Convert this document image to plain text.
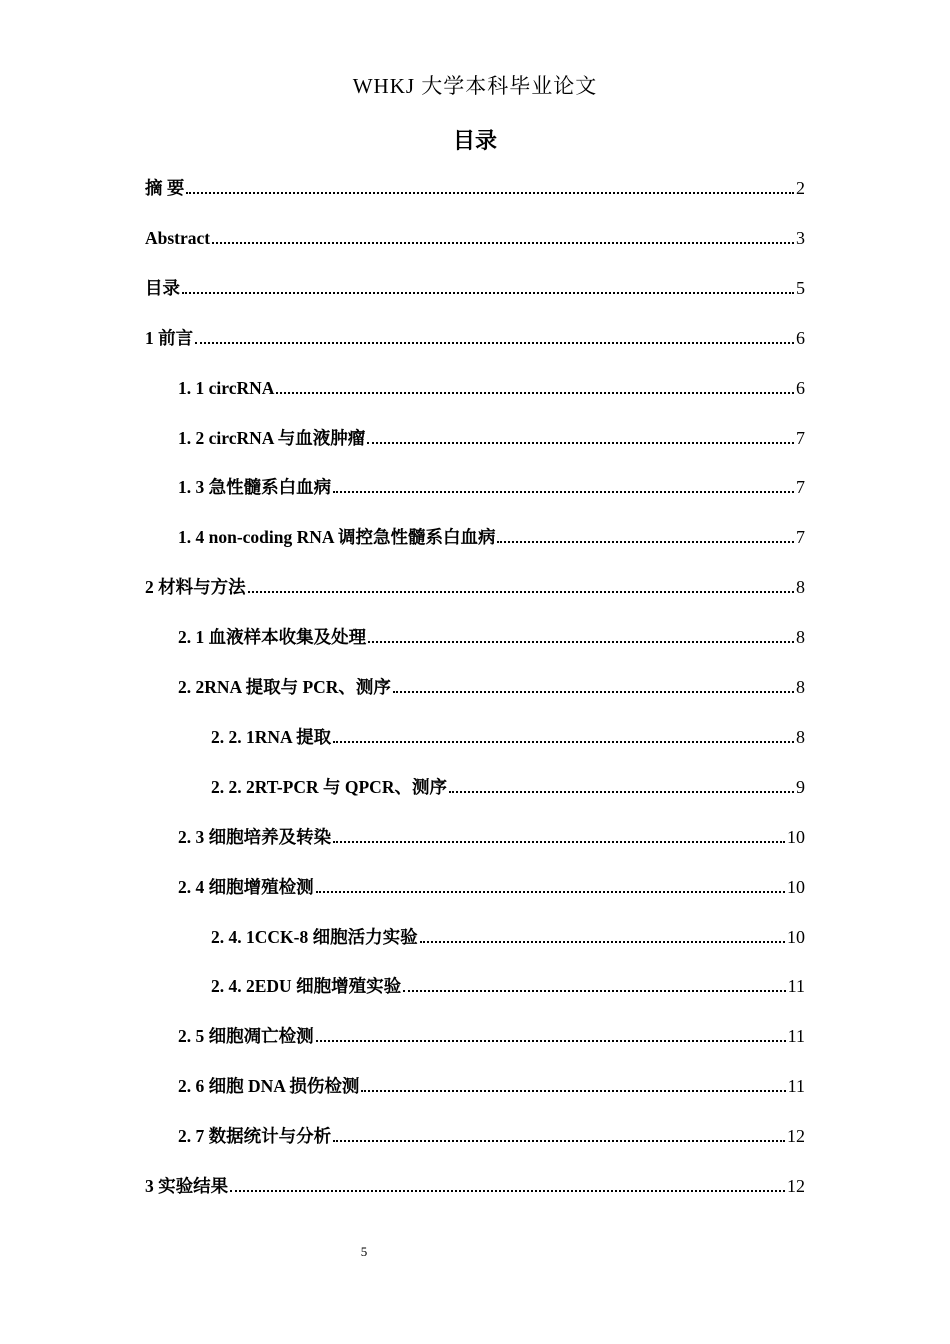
WHKJ 大学本科毕业论文
目录
摘 要	2
Abstract	3
目录	5
1 前言	6
1. 1 circRNA	6
1. 2 circRNA 与血液肿瘤	7
1. 3 急性髓系白血病	7
1. 4 non-coding RNA 调控急性髓系白血病	7
2 材料与方法	8
2. 1 血液样本收集及处理	8
2. 2RNA 提取与 PCR、测序	8
2. 2. 1RNA 提取	8
2. 2. 2RT-PCR 与 QPCR、测序	9
2. 3 细胞培养及转染	10
2. 4 细胞增殖检测	10
2. 4. 1CCK-8 细胞活力实验	10
2. 4. 2EDU 细胞增殖实验	11
2. 5 细胞凋亡检测	11
2. 6 细胞 DNA 损伤检测	11
2. 7 数据统计与分析	12
3 实验结果	12
5
